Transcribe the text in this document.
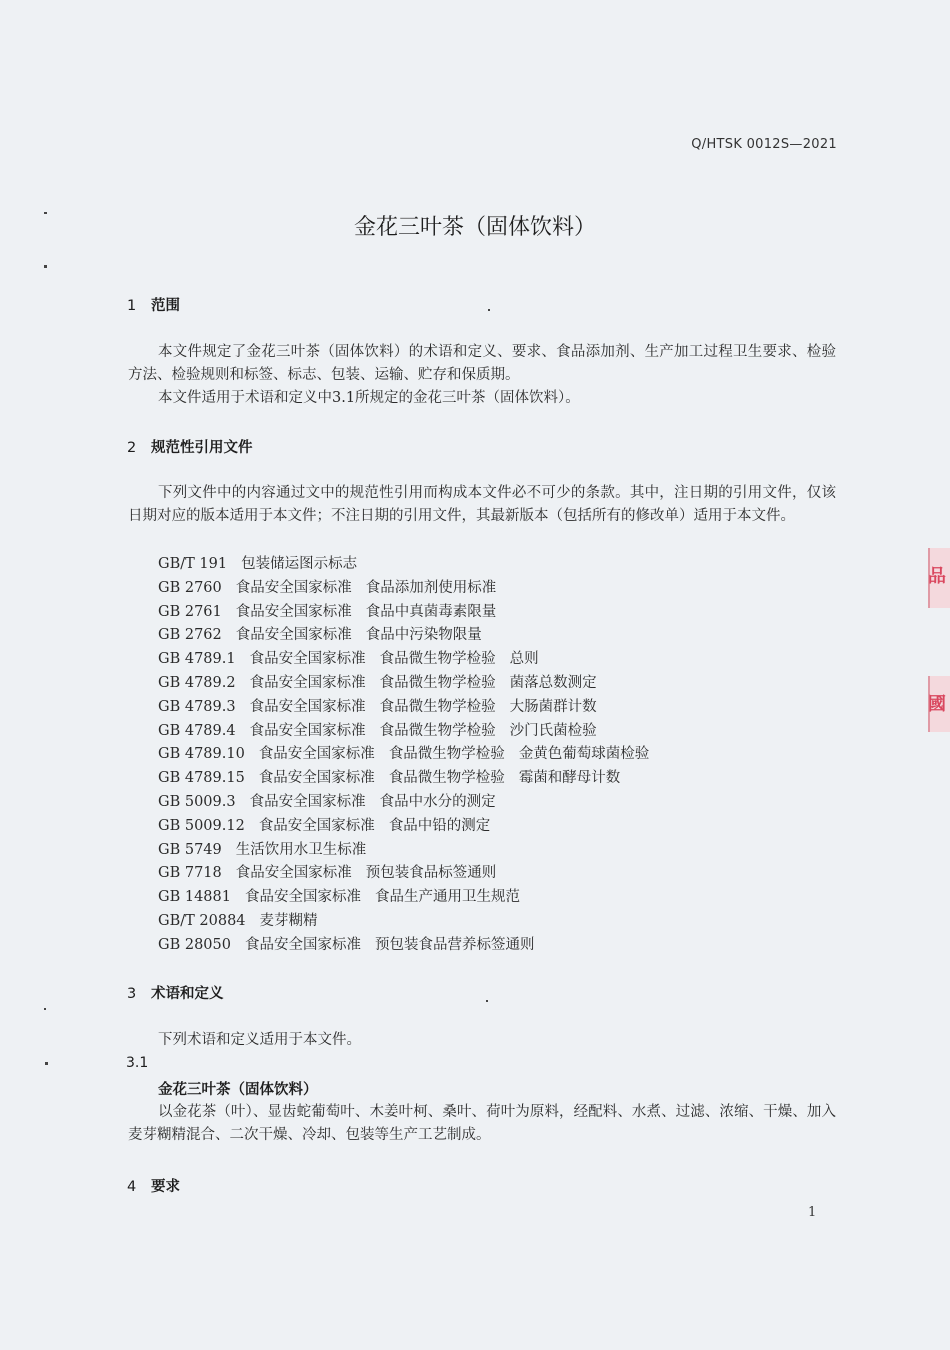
Q/HTSK 0012S—2021
金花三叶茶（固体饮料）
1 范围
本文件规定了金花三叶茶（固体饮料）的术语和定义、要求、食品添加剂、生产加工过程卫生要求、检验方法、检验规则和标签、标志、包装、运输、贮存和保质期。
本文件适用于术语和定义中3.1所规定的金花三叶茶（固体饮料）。
2 规范性引用文件
下列文件中的内容通过文中的规范性引用而构成本文件必不可少的条款。其中，注日期的引用文件，仅该日期对应的版本适用于本文件；不注日期的引用文件，其最新版本（包括所有的修改单）适用于本文件。
GB/T 191 包装储运图示标志
GB 2760 食品安全国家标准 食品添加剂使用标准
GB 2761 食品安全国家标准 食品中真菌毒素限量
GB 2762 食品安全国家标准 食品中污染物限量
GB 4789.1 食品安全国家标准 食品微生物学检验 总则
GB 4789.2 食品安全国家标准 食品微生物学检验 菌落总数测定
GB 4789.3 食品安全国家标准 食品微生物学检验 大肠菌群计数
GB 4789.4 食品安全国家标准 食品微生物学检验 沙门氏菌检验
GB 4789.10 食品安全国家标准 食品微生物学检验 金黄色葡萄球菌检验
GB 4789.15 食品安全国家标准 食品微生物学检验 霉菌和酵母计数
GB 5009.3 食品安全国家标准 食品中水分的测定
GB 5009.12 食品安全国家标准 食品中铅的测定
GB 5749 生活饮用水卫生标准
GB 7718 食品安全国家标准 预包装食品标签通则
GB 14881 食品安全国家标准 食品生产通用卫生规范
GB/T 20884 麦芽糊精
GB 28050 食品安全国家标准 预包装食品营养标签通则
3 术语和定义
下列术语和定义适用于本文件。
3.1
金花三叶茶（固体饮料）
以金花茶（叶）、显齿蛇葡萄叶、木姜叶柯、桑叶、荷叶为原料，经配料、水煮、过滤、浓缩、干燥、加入麦芽糊精混合、二次干燥、冷却、包装等生产工艺制成。
4 要求
1
品
國
